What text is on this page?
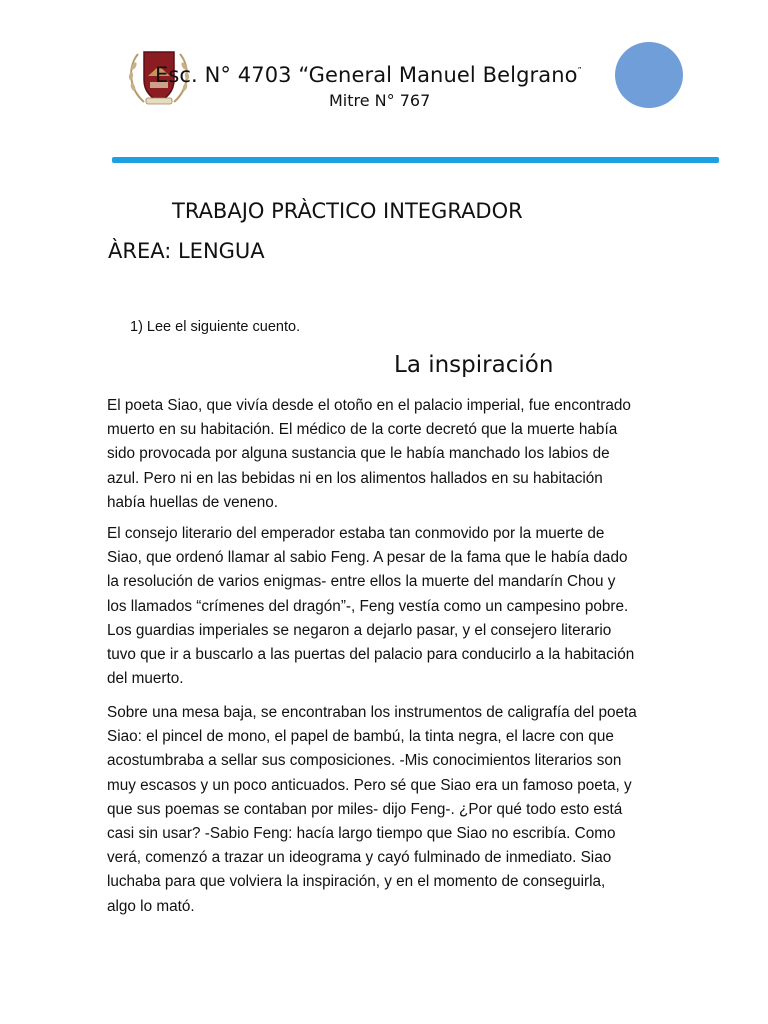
Esc. N° 4703 “General Manuel Belgrano”
Mitre N° 767
TRABAJO PRÀCTICO INTEGRADOR
ÀREA: LENGUA
1) Lee el siguiente cuento.
La inspiración
El poeta Siao, que vivía desde el otoño en el palacio imperial, fue encontrado
muerto en su habitación. El médico de la corte decretó que la muerte había
sido provocada por alguna sustancia que le había manchado los labios de
azul. Pero ni en las bebidas ni en los alimentos hallados en su habitación
había huellas de veneno.
El consejo literario del emperador estaba tan conmovido por la muerte de
Siao, que ordenó llamar al sabio Feng. A pesar de la fama que le había dado
la resolución de varios enigmas- entre ellos la muerte del mandarín Chou y
los llamados “crímenes del dragón”-, Feng vestía como un campesino pobre.
Los guardias imperiales se negaron a dejarlo pasar, y el consejero literario
tuvo que ir a buscarlo a las puertas del palacio para conducirlo a la habitación
del muerto.
Sobre una mesa baja, se encontraban los instrumentos de caligrafía del poeta
Siao: el pincel de mono, el papel de bambú, la tinta negra, el lacre con que
acostumbraba a sellar sus composiciones. -Mis conocimientos literarios son
muy escasos y un poco anticuados. Pero sé que Siao era un famoso poeta, y
que sus poemas se contaban por miles- dijo Feng-. ¿Por qué todo esto está
casi sin usar? -Sabio Feng: hacía largo tiempo que Siao no escribía. Como
verá, comenzó a trazar un ideograma y cayó fulminado de inmediato. Siao
luchaba para que volviera la inspiración, y en el momento de conseguirla,
algo lo mató.
